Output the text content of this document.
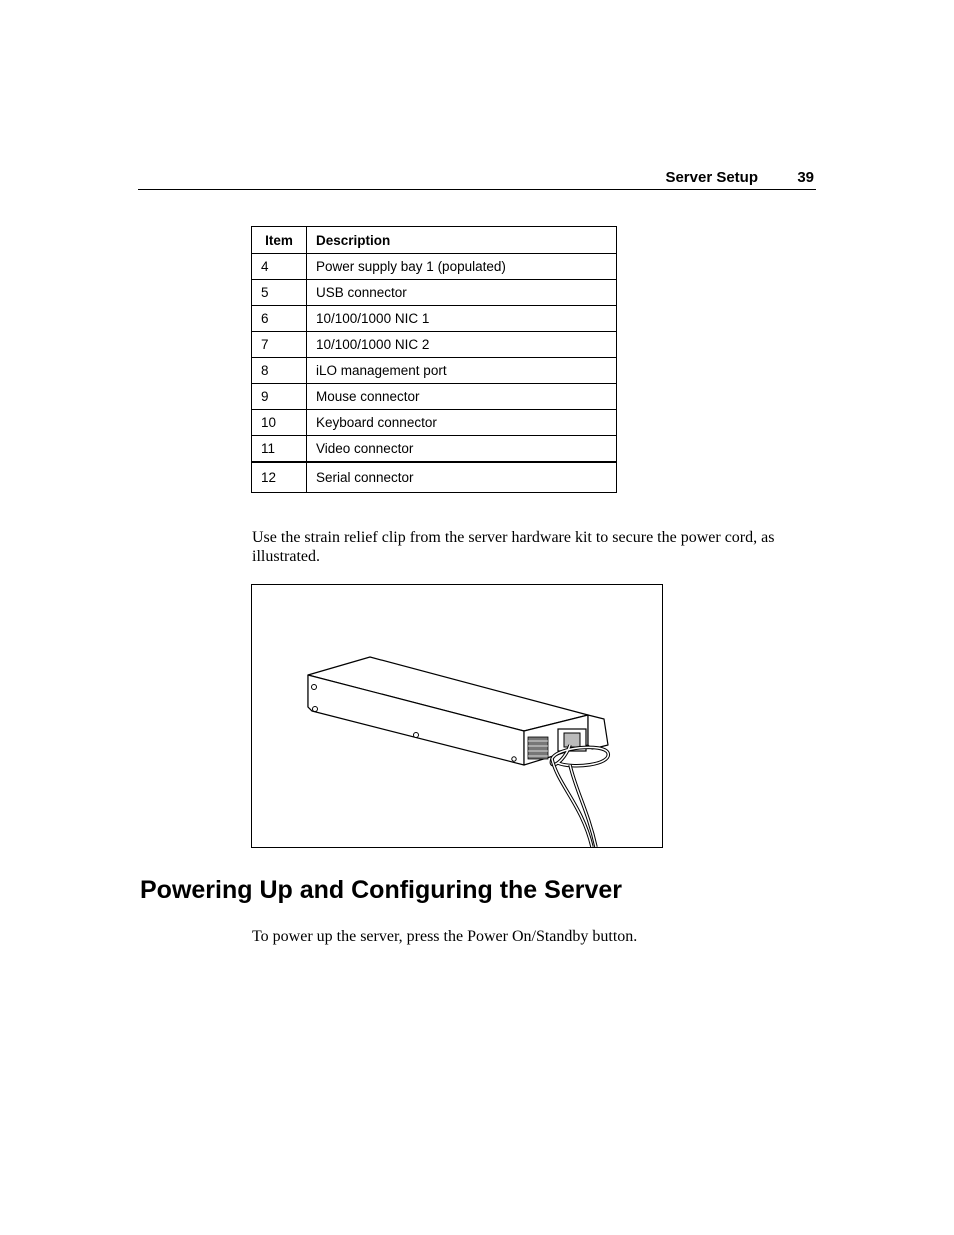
Server Setup	39
Item	Description
4	Power supply bay 1 (populated)
5	USB connector
6	10/100/1000 NIC 1
7	10/100/1000 NIC 2
8	iLO management port
9	Mouse connector
10	Keyboard connector
11	Video connector
12	Serial connector
Use the strain relief clip from the server hardware kit to secure the power cord, as illustrated.
Powering Up and Configuring the Server
To power up the server, press the Power On/Standby button.
